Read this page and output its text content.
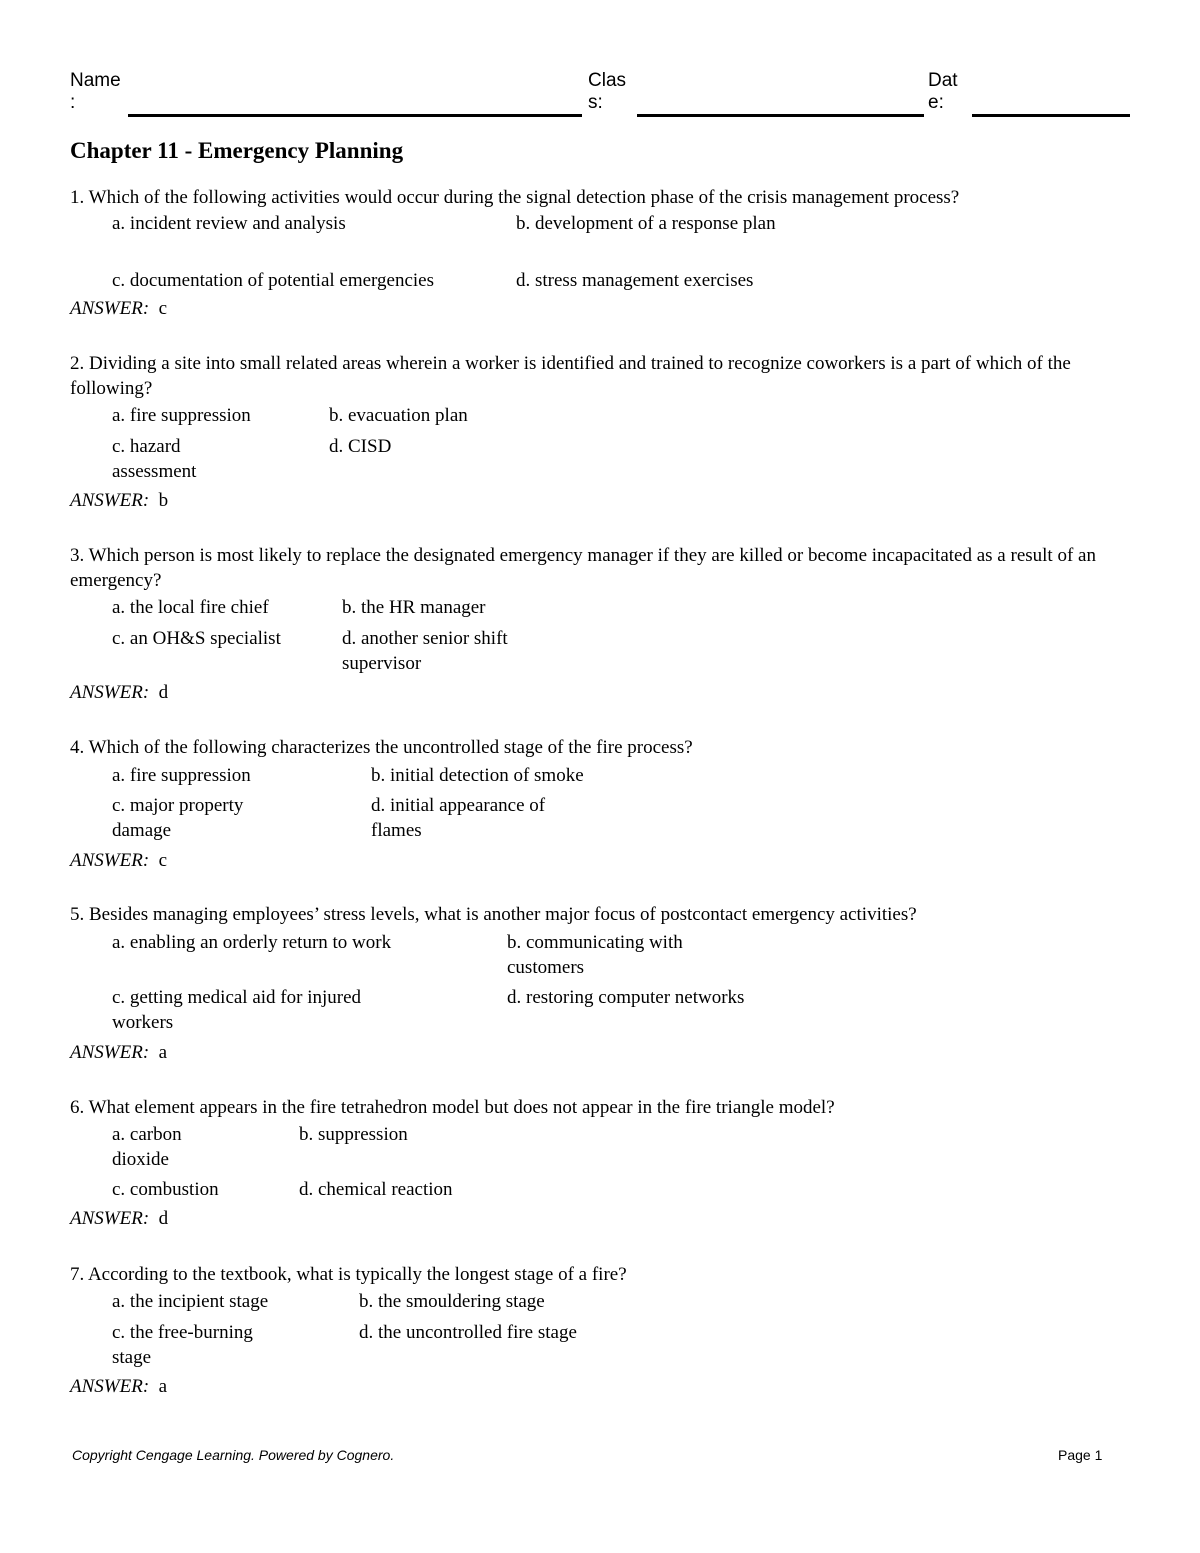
Name
:
Clas
s:
Dat
e:
Chapter 11 - Emergency Planning

1. Which of the following activities would occur during the signal detection phase of the crisis management process?

a. incident review and analysis	b. development of a response plan
c. documentation of potential emergencies	d. stress management exercises
ANSWER: c

2. Dividing a site into small related areas wherein a worker is identified and trained to recognize coworkers is a part of which of the following?

a. fire suppression	b. evacuation plan
c. hazard assessment
d. CISD
ANSWER: b

3. Which person is most likely to replace the designated emergency manager if they are killed or become incapacitated as a result of an emergency?

a. the local fire chief	b. the HR manager
c. an OH&S specialist	d. another senior shift supervisor
ANSWER: d

4. Which of the following characterizes the uncontrolled stage of the fire process?

a. fire suppression	b. initial detection of smoke
c. major property damage
d. initial appearance of flames
ANSWER: c

5. Besides managing employees’ stress levels, what is another major focus of postcontact emergency activities?

a. enabling an orderly return to work	b. communicating with customers
c. getting medical aid for injured workers
d. restoring computer networks
ANSWER: a

6. What element appears in the fire tetrahedron model but does not appear in the fire triangle model?

a. carbon dioxide
b. suppression
c. combustion	d. chemical reaction
ANSWER: d

7. According to the textbook, what is typically the longest stage of a fire?

a. the incipient stage	b. the smouldering stage
c. the free-burning stage
d. the uncontrolled fire stage
ANSWER: a
Copyright Cengage Learning. Powered by Cognero.	Page 1
